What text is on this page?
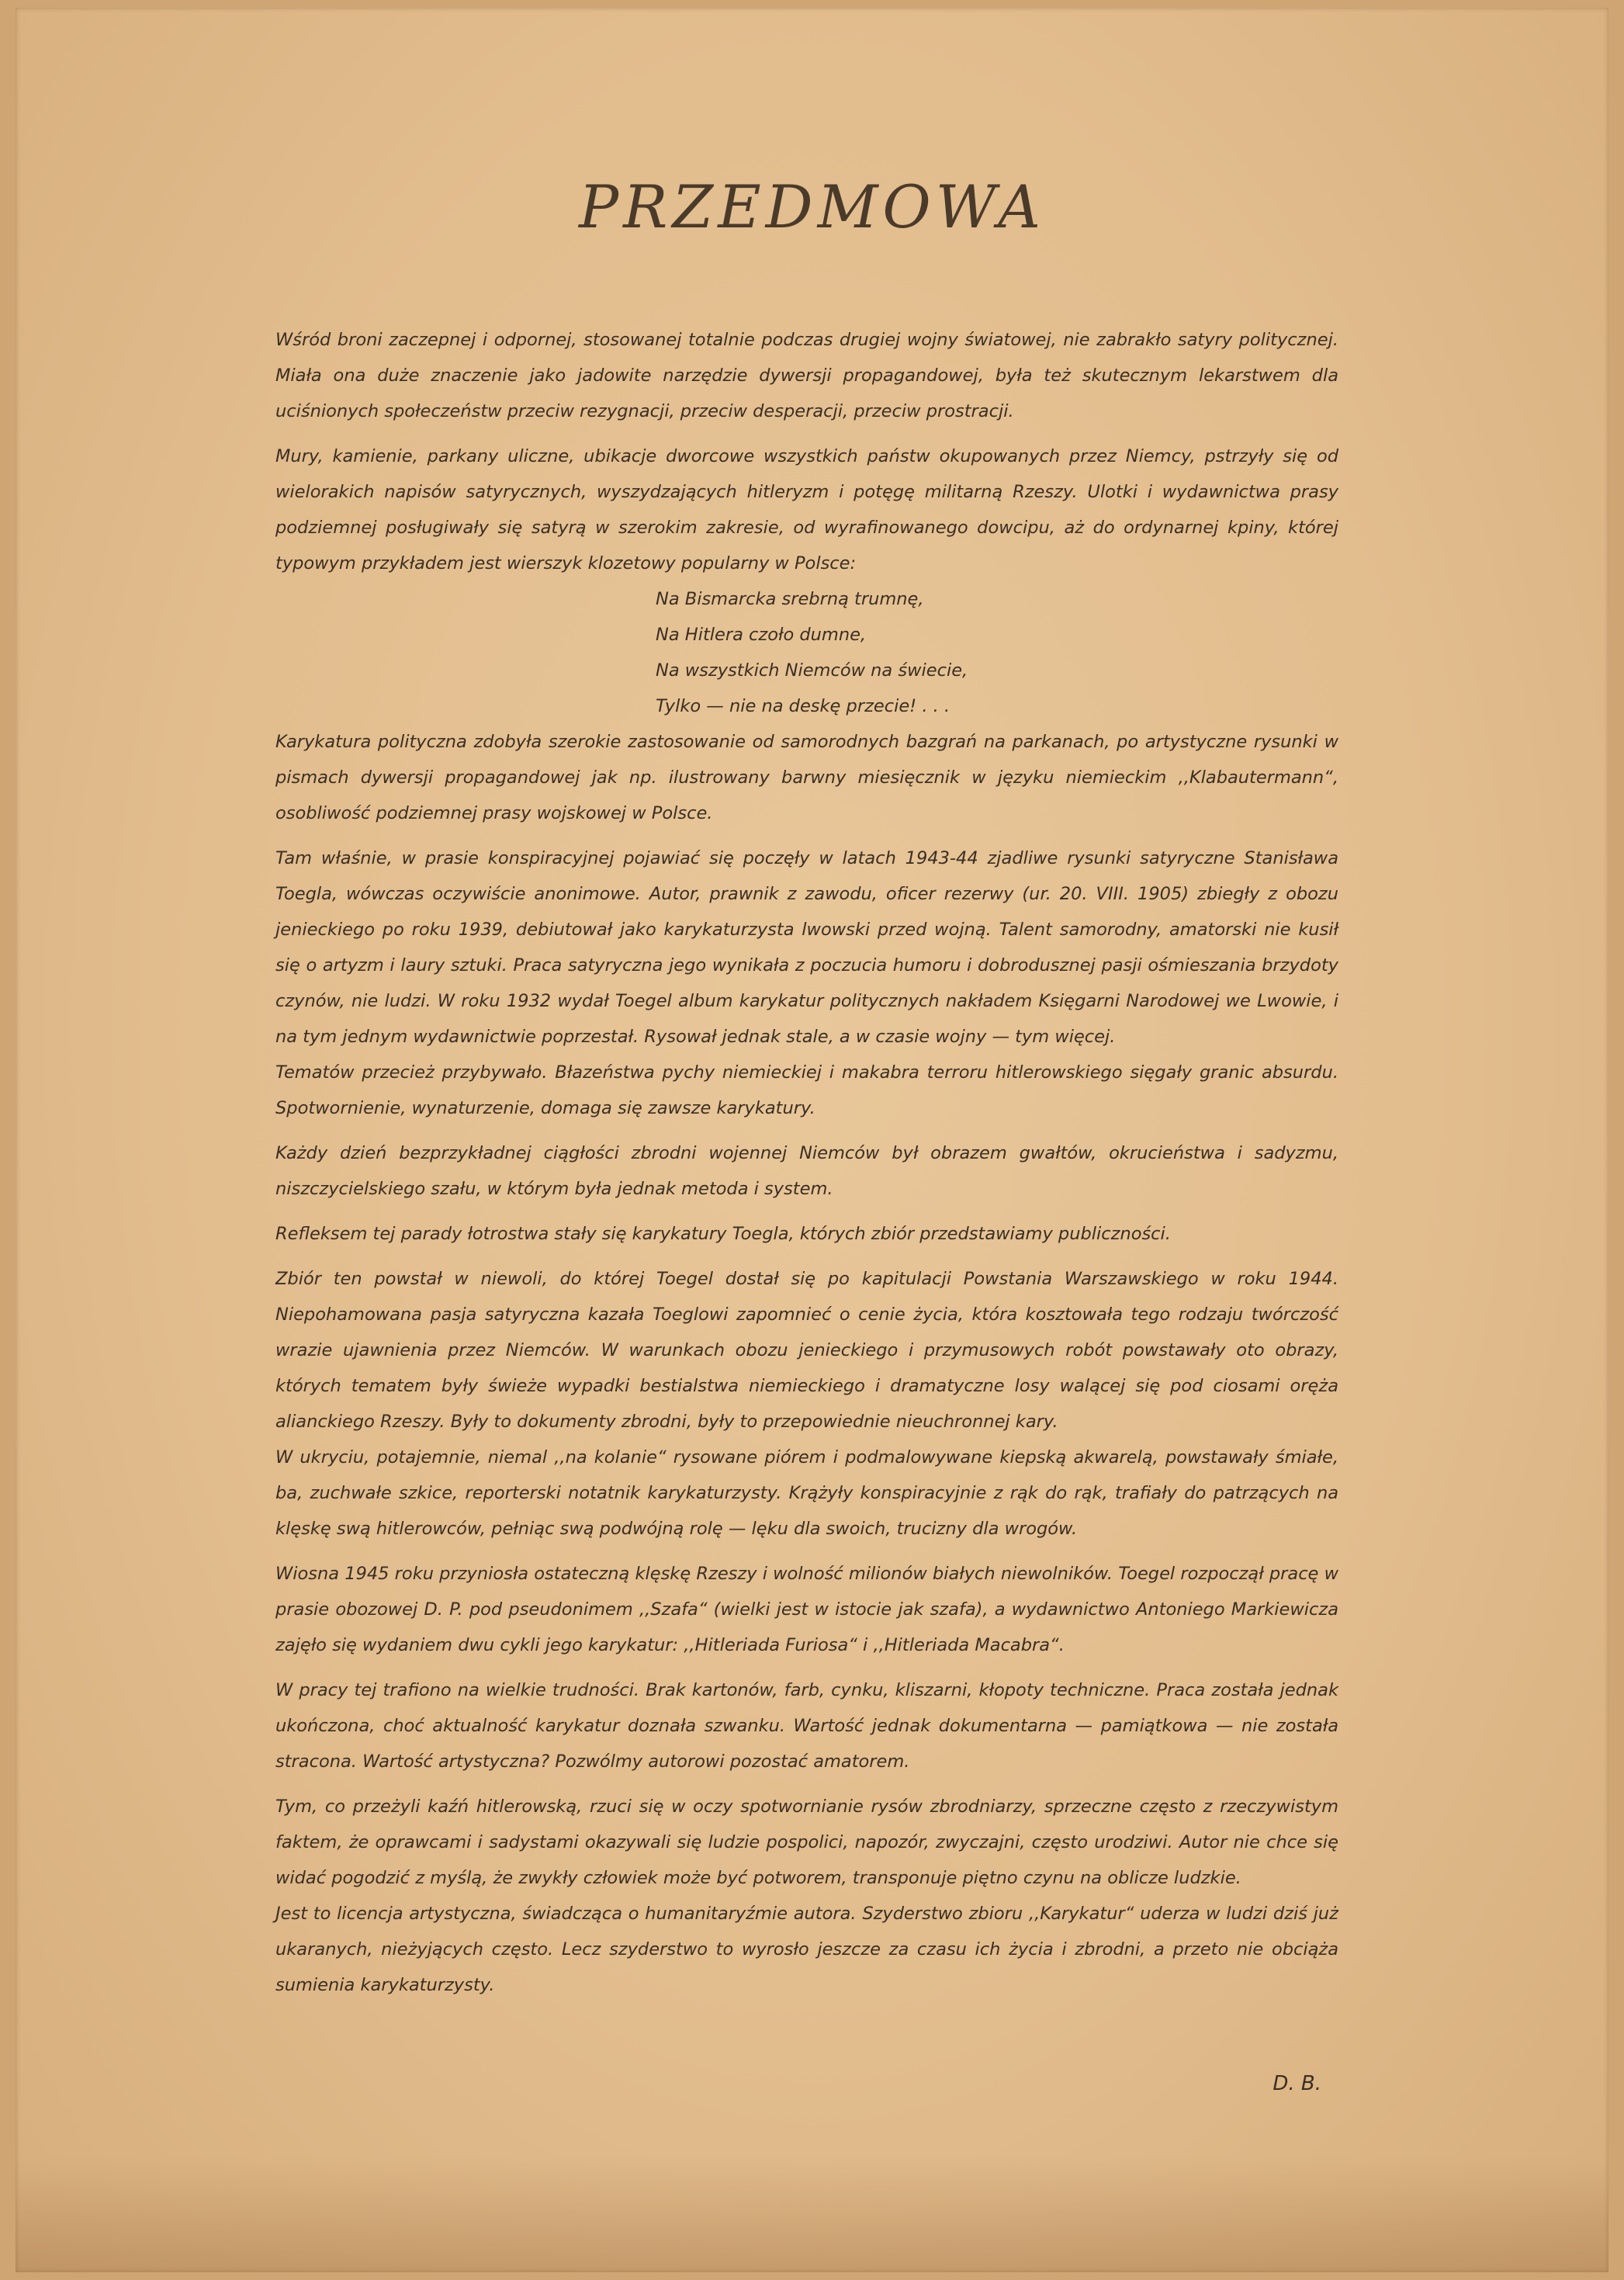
PRZEDMOWA

Wśród broni zaczepnej i odpornej, stosowanej totalnie podczas drugiej wojny światowej, nie zabrakło satyry politycznej. Miała ona duże znaczenie jako jadowite narzędzie dywersji propagandowej, była też skutecznym lekarstwem dla uciśnionych społeczeństw przeciw rezygnacji, przeciw desperacji, przeciw prostracji.

Mury, kamienie, parkany uliczne, ubikacje dworcowe wszystkich państw okupowanych przez Niemcy, pstrzyły się od wielorakich napisów satyrycznych, wyszydzających hitleryzm i potęgę militarną Rzeszy. Ulotki i wydawnictwa prasy podziemnej posługiwały się satyrą w szerokim zakresie, od wyrafinowanego dowcipu, aż do ordynarnej kpiny, której typowym przykładem jest wierszyk klozetowy popularny w Polsce:

Na Bismarcka srebrną trumnę,
Na Hitlera czoło dumne,
Na wszystkich Niemców na świecie,
Tylko — nie na deskę przecie! . . .

Karykatura polityczna zdobyła szerokie zastosowanie od samorodnych bazgrań na parkanach, po artystyczne rysunki w pismach dywersji propagandowej jak np. ilustrowany barwny miesięcznik w języku niemieckim ,,Klabautermann“, osobliwość podziemnej prasy wojskowej w Polsce.

Tam właśnie, w prasie konspiracyjnej pojawiać się poczęły w latach 1943-44 zjadliwe rysunki satyryczne Stanisława Toegla, wówczas oczywiście anonimowe. Autor, prawnik z zawodu, oficer rezerwy (ur. 20. VIII. 1905) zbiegły z obozu jenieckiego po roku 1939, debiutował jako karykaturzysta lwowski przed wojną. Talent samorodny, amatorski nie kusił się o artyzm i laury sztuki. Praca satyryczna jego wynikała z poczucia humoru i dobrodusznej pasji ośmieszania brzydoty czynów, nie ludzi. W roku 1932 wydał Toegel album karykatur politycznych nakładem Księgarni Narodowej we Lwowie, i na tym jednym wydawnictwie poprzestał. Rysował jednak stale, a w czasie wojny — tym więcej.

Tematów przecież przybywało. Błazeństwa pychy niemieckiej i makabra terroru hitlerowskiego sięgały granic absurdu. Spotwornienie, wynaturzenie, domaga się zawsze karykatury.

Każdy dzień bezprzykładnej ciągłości zbrodni wojennej Niemców był obrazem gwałtów, okrucieństwa i sadyzmu, niszczycielskiego szału, w którym była jednak metoda i system.

Refleksem tej parady łotrostwa stały się karykatury Toegla, których zbiór przedstawiamy publiczności.

Zbiór ten powstał w niewoli, do której Toegel dostał się po kapitulacji Powstania Warszawskiego w roku 1944. Niepohamowana pasja satyryczna kazała Toeglowi zapomnieć o cenie życia, która kosztowała tego rodzaju twórczość wrazie ujawnienia przez Niemców. W warunkach obozu jenieckiego i przymusowych robót powstawały oto obrazy, których tematem były świeże wypadki bestialstwa niemieckiego i dramatyczne losy walącej się pod ciosami oręża alianckiego Rzeszy. Były to dokumenty zbrodni, były to przepowiednie nieuchronnej kary.

W ukryciu, potajemnie, niemal ,,na kolanie“ rysowane piórem i podmalowywane kiepską akwarelą, powstawały śmiałe, ba, zuchwałe szkice, reporterski notatnik karykaturzysty. Krążyły konspiracyjnie z rąk do rąk, trafiały do patrzących na klęskę swą hitlerowców, pełniąc swą podwójną rolę — lęku dla swoich, trucizny dla wrogów.

Wiosna 1945 roku przyniosła ostateczną klęskę Rzeszy i wolność milionów białych niewolników. Toegel rozpoczął pracę w prasie obozowej D. P. pod pseudonimem ,,Szafa“ (wielki jest w istocie jak szafa), a wydawnictwo Antoniego Markiewicza zajęło się wydaniem dwu cykli jego karykatur: ,,Hitleriada Furiosa“ i ,,Hitleriada Macabra“.

W pracy tej trafiono na wielkie trudności. Brak kartonów, farb, cynku, kliszarni, kłopoty techniczne. Praca została jednak ukończona, choć aktualność karykatur doznała szwanku. Wartość jednak dokumentarna — pamiątkowa — nie została stracona. Wartość artystyczna? Pozwólmy autorowi pozostać amatorem.

Tym, co przeżyli kaźń hitlerowską, rzuci się w oczy spotwornianie rysów zbrodniarzy, sprzeczne często z rzeczywistym faktem, że oprawcami i sadystami okazywali się ludzie pospolici, napozór, zwyczajni, często urodziwi. Autor nie chce się widać pogodzić z myślą, że zwykły człowiek może być potworem, transponuje piętno czynu na oblicze ludzkie.

Jest to licencja artystyczna, świadcząca o humanitaryźmie autora. Szyderstwo zbioru ,,Karykatur“ uderza w ludzi dziś już ukaranych, nieżyjących często. Lecz szyderstwo to wyrosło jeszcze za czasu ich życia i zbrodni, a przeto nie obciąża sumienia karykaturzysty.

D. B.
